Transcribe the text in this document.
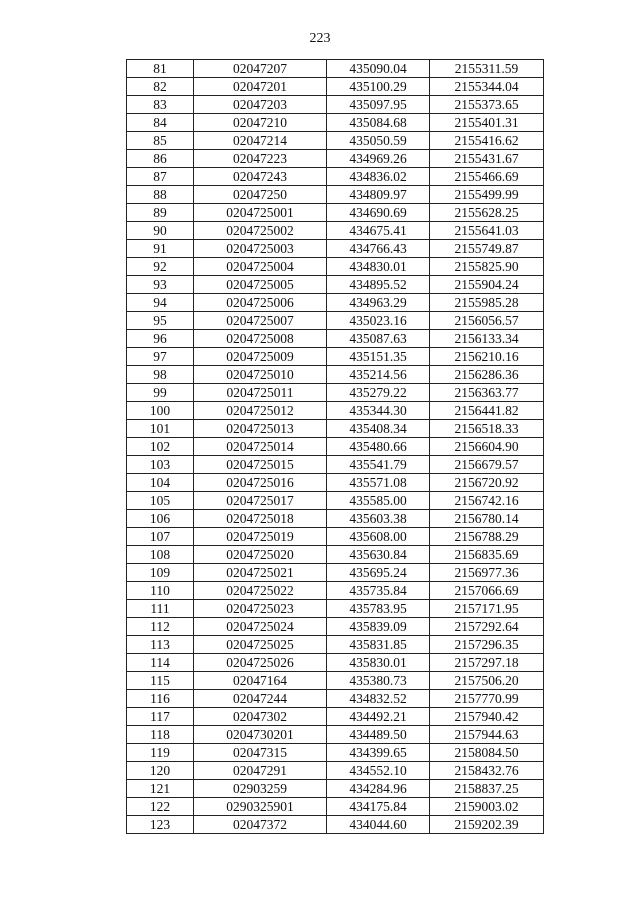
223
81	02047207	435090.04	2155311.59
82	02047201	435100.29	2155344.04
83	02047203	435097.95	2155373.65
84	02047210	435084.68	2155401.31
85	02047214	435050.59	2155416.62
86	02047223	434969.26	2155431.67
87	02047243	434836.02	2155466.69
88	02047250	434809.97	2155499.99
89	0204725001	434690.69	2155628.25
90	0204725002	434675.41	2155641.03
91	0204725003	434766.43	2155749.87
92	0204725004	434830.01	2155825.90
93	0204725005	434895.52	2155904.24
94	0204725006	434963.29	2155985.28
95	0204725007	435023.16	2156056.57
96	0204725008	435087.63	2156133.34
97	0204725009	435151.35	2156210.16
98	0204725010	435214.56	2156286.36
99	0204725011	435279.22	2156363.77
100	0204725012	435344.30	2156441.82
101	0204725013	435408.34	2156518.33
102	0204725014	435480.66	2156604.90
103	0204725015	435541.79	2156679.57
104	0204725016	435571.08	2156720.92
105	0204725017	435585.00	2156742.16
106	0204725018	435603.38	2156780.14
107	0204725019	435608.00	2156788.29
108	0204725020	435630.84	2156835.69
109	0204725021	435695.24	2156977.36
110	0204725022	435735.84	2157066.69
111	0204725023	435783.95	2157171.95
112	0204725024	435839.09	2157292.64
113	0204725025	435831.85	2157296.35
114	0204725026	435830.01	2157297.18
115	02047164	435380.73	2157506.20
116	02047244	434832.52	2157770.99
117	02047302	434492.21	2157940.42
118	0204730201	434489.50	2157944.63
119	02047315	434399.65	2158084.50
120	02047291	434552.10	2158432.76
121	02903259	434284.96	2158837.25
122	0290325901	434175.84	2159003.02
123	02047372	434044.60	2159202.39
